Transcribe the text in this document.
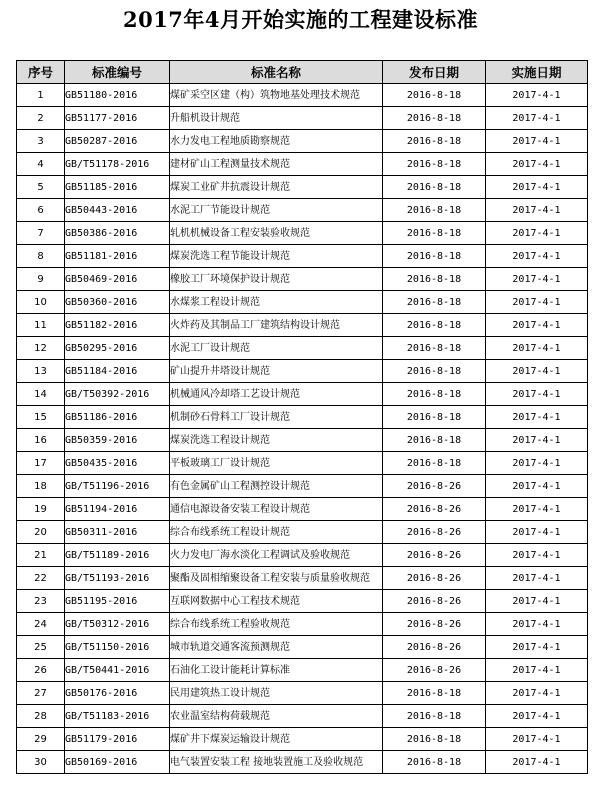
2017年4月开始实施的工程建设标准
序号	标准编号	标准名称	发布日期	实施日期
1	GB51180-2016	煤矿采空区建（构）筑物地基处理技术规范	2016-8-18	2017-4-1
2	GB51177-2016	升船机设计规范	2016-8-18	2017-4-1
3	GB50287-2016	水力发电工程地质勘察规范	2016-8-18	2017-4-1
4	GB/T51178-2016	建材矿山工程测量技术规范	2016-8-18	2017-4-1
5	GB51185-2016	煤炭工业矿井抗震设计规范	2016-8-18	2017-4-1
6	GB50443-2016	水泥工厂节能设计规范	2016-8-18	2017-4-1
7	GB50386-2016	轧机机械设备工程安装验收规范	2016-8-18	2017-4-1
8	GB51181-2016	煤炭洗选工程节能设计规范	2016-8-18	2017-4-1
9	GB50469-2016	橡胶工厂环境保护设计规范	2016-8-18	2017-4-1
10	GB50360-2016	水煤浆工程设计规范	2016-8-18	2017-4-1
11	GB51182-2016	火炸药及其制品工厂建筑结构设计规范	2016-8-18	2017-4-1
12	GB50295-2016	水泥工厂设计规范	2016-8-18	2017-4-1
13	GB51184-2016	矿山提升井塔设计规范	2016-8-18	2017-4-1
14	GB/T50392-2016	机械通风冷却塔工艺设计规范	2016-8-18	2017-4-1
15	GB51186-2016	机制砂石骨料工厂设计规范	2016-8-18	2017-4-1
16	GB50359-2016	煤炭洗选工程设计规范	2016-8-18	2017-4-1
17	GB50435-2016	平板玻璃工厂设计规范	2016-8-18	2017-4-1
18	GB/T51196-2016	有色金属矿山工程测控设计规范	2016-8-26	2017-4-1
19	GB51194-2016	通信电源设备安装工程设计规范	2016-8-26	2017-4-1
20	GB50311-2016	综合布线系统工程设计规范	2016-8-26	2017-4-1
21	GB/T51189-2016	火力发电厂海水淡化工程调试及验收规范	2016-8-26	2017-4-1
22	GB/T51193-2016	聚酯及固相缩聚设备工程安装与质量验收规范	2016-8-26	2017-4-1
23	GB51195-2016	互联网数据中心工程技术规范	2016-8-26	2017-4-1
24	GB/T50312-2016	综合布线系统工程验收规范	2016-8-26	2017-4-1
25	GB/T51150-2016	城市轨道交通客流预测规范	2016-8-26	2017-4-1
26	GB/T50441-2016	石油化工设计能耗计算标准	2016-8-26	2017-4-1
27	GB50176-2016	民用建筑热工设计规范	2016-8-18	2017-4-1
28	GB/T51183-2016	农业温室结构荷载规范	2016-8-18	2017-4-1
29	GB51179-2016	煤矿井下煤炭运输设计规范	2016-8-18	2017-4-1
30	GB50169-2016	电气装置安装工程 接地装置施工及验收规范	2016-8-18	2017-4-1
